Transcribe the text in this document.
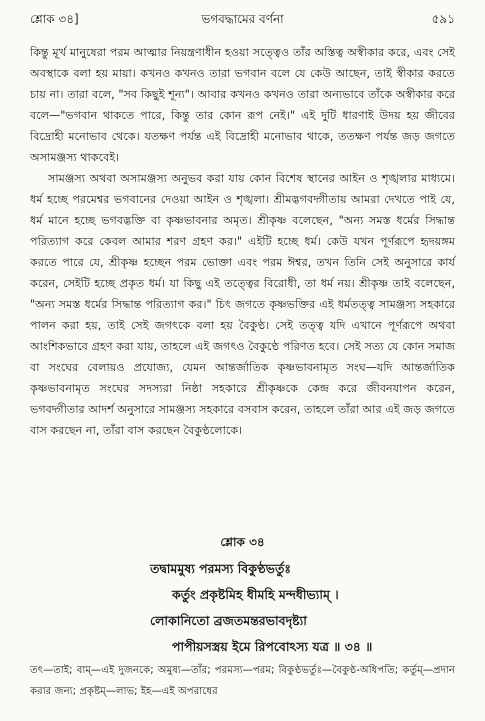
শ্লোক ৩৪]	ভগবদ্ধামের বর্ণনা	৫৯১

কিন্তু মূর্খ মানুষেরা পরম আত্মার নিয়ন্ত্রণাধীন হওয়া সত্ত্বেও তাঁর অস্তিত্ব অস্বীকার করে, এবং সেই অবস্থাকে বলা হয় মায়া। কখনও কখনও তারা ভগবান বলে যে কেউ আছেন, তাই স্বীকার করতে চায় না। তারা বলে, "সব কিছুই শূন্য"। আবার কখনও কখনও তারা অন্যভাবে তাঁকে অস্বীকার করে বলে—"ভগবান থাকতে পারে, কিন্তু তার কোন রূপ নেই।" এই দুটি ধারণাই উদয় হয় জীবের বিদ্রোহী মনোভাব থেকে। যতক্ষণ পর্যন্ত এই বিদ্রোহী মনোভাব থাকে, ততক্ষণ পর্যন্ত জড় জগতে অসামঞ্জস্য থাকবেই।

সামঞ্জস্য অথবা অসামঞ্জস্য অনুভব করা যায় কোন বিশেষ স্থানের আইন ও শৃঙ্খলার মাধ্যমে। ধর্ম হচ্ছে পরমেশ্বর ভগবানের দেওয়া আইন ও শৃঙ্খলা। শ্রীমদ্ভগবদ্গীতায় আমরা দেখতে পাই যে, ধর্ম মানে হচ্ছে ভগবদ্ভক্তি বা কৃষ্ণভাবনার অমৃত। শ্রীকৃষ্ণ বলেছেন, "অন্য সমস্ত ধর্মের সিদ্ধান্ত পরিত্যাগ করে কেবল আমার শরণ গ্রহণ কর।" এইটি হচ্ছে ধর্ম। কেউ যখন পূর্ণরূপে হৃদয়ঙ্গম করতে পারে যে, শ্রীকৃষ্ণ হচ্ছেন পরম ভোক্তা এবং পরম ঈশ্বর, তখন তিনি সেই অনুসারে কার্য করেন, সেইটি হচ্ছে প্রকৃত ধর্ম। যা কিছু এই তত্ত্বের বিরোধী, তা ধর্ম নয়। শ্রীকৃষ্ণ তাই বলেছেন, "অন্য সমস্ত ধর্মের সিদ্ধান্ত পরিত্যাগ কর।" চিৎ জগতে কৃষ্ণভক্তির এই ধর্মতত্ত্ব সামঞ্জস্য সহকারে পালন করা হয়, তাই সেই জগৎকে বলা হয় বৈকুণ্ঠ। সেই তত্ত্ব যদি এখানে পূর্ণরূপে অথবা আংশিকভাবে গ্রহণ করা যায়, তাহলে এই জগৎও বৈকুণ্ঠে পরিণত হবে। সেই সত্য যে কোন সমাজ বা সংঘের বেলায়ও প্রযোজ্য, যেমন আন্তর্জাতিক কৃষ্ণভাবনামৃত সংঘ—যদি আন্তর্জাতিক কৃষ্ণভাবনামৃত সংঘের সদস্যরা নিষ্ঠা সহকারে শ্রীকৃষ্ণকে কেন্দ্র করে জীবনযাপন করেন, ভগবদ্গীতার আদর্শ অনুসারে সামঞ্জস্য সহকারে বসবাস করেন, তাহলে তাঁরা আর এই জড় জগতে বাস করছেন না, তাঁরা বাস করছেন বৈকুণ্ঠলোকে।

শ্লোক ৩৪
তদ্বামমুষ্য পরমস্য বিকুণ্ঠভর্তুঃ
কর্তুং প্রকৃষ্টমিহ ধীমহি মন্দধীভ্যাম্ ।
লোকানিতো ব্রজতমন্তরভাবদৃষ্ট্যা
পাপীয়সস্ত্রয় ইমে রিপবোঽস্য যত্র ॥ ৩৪ ॥
তৎ—তাই; বাম্—এই দুজনকে; অমুষ্য—তাঁর; পরমস্য—পরম; বিকুণ্ঠভর্তুঃ—বৈকুণ্ঠ-অধিপতি; কর্তুম্—প্রদান করার জন্য; প্রকৃষ্টম্—লাভ; ইহ—এই অপরাধের
